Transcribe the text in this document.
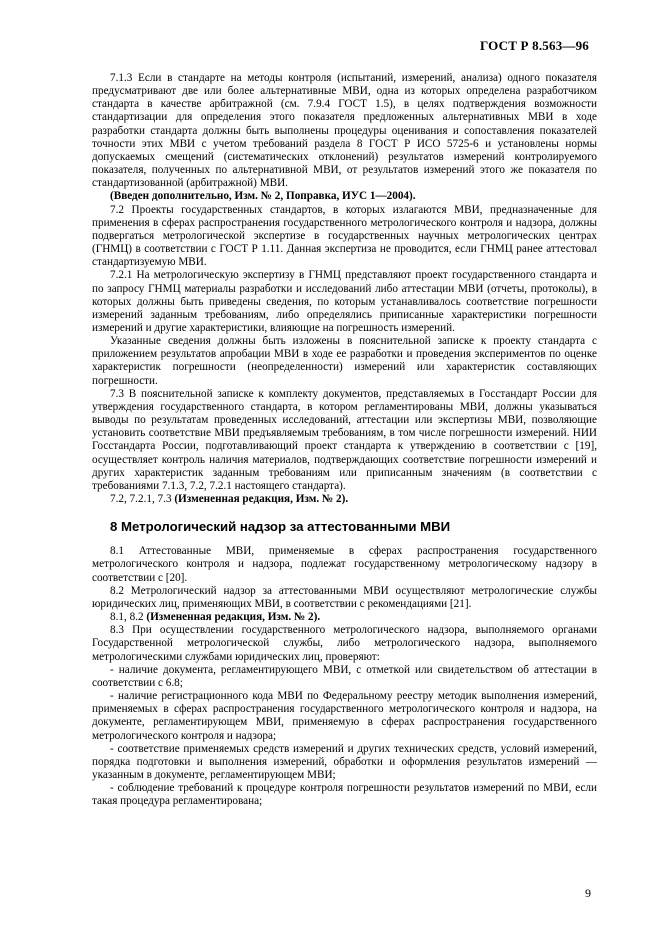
ГОСТ Р 8.563—96

7.1.3 Если в стандарте на методы контроля (испытаний, измерений, анализа) одного показателя предусматривают две или более альтернативные МВИ, одна из которых определена разработчиком стандарта в качестве арбитражной (см. 7.9.4 ГОСТ 1.5), в целях подтверждения возможности стандартизации для определения этого показателя предложенных альтернативных МВИ в ходе разработки стандарта должны быть выполнены процедуры оценивания и сопоставления показателей точности этих МВИ с учетом требований раздела 8 ГОСТ Р ИСО 5725-6 и установлены нормы допускаемых смещений (систематических отклонений) результатов измерений контролируемого показателя, полученных по альтернативной МВИ, от результатов измерений этого же показателя по стандартизованной (арбитражной) МВИ.

(Введен дополнительно, Изм. № 2, Поправка, ИУС 1—2004).

7.2 Проекты государственных стандартов, в которых излагаются МВИ, предназначенные для применения в сферах распространения государственного метрологического контроля и надзора, должны подвергаться метрологической экспертизе в государственных научных метрологических центрах (ГНМЦ) в соответствии с ГОСТ Р 1.11. Данная экспертиза не проводится, если ГНМЦ ранее аттестовал стандартизуемую МВИ.

7.2.1 На метрологическую экспертизу в ГНМЦ представляют проект государственного стандарта и по запросу ГНМЦ материалы разработки и исследований либо аттестации МВИ (отчеты, протоколы), в которых должны быть приведены сведения, по которым устанавливалось соответствие погрешности измерений заданным требованиям, либо определялись приписанные характеристики погрешности измерений и другие характеристики, влияющие на погрешность измерений.

Указанные сведения должны быть изложены в пояснительной записке к проекту стандарта с приложением результатов апробации МВИ в ходе ее разработки и проведения экспериментов по оценке характеристик погрешности (неопределенности) измерений или характеристик составляющих погрешности.

7.3 В пояснительной записке к комплекту документов, представляемых в Госстандарт России для утверждения государственного стандарта, в котором регламентированы МВИ, должны указываться выводы по результатам проведенных исследований, аттестации или экспертизы МВИ, позволяющие установить соответствие МВИ предъявляемым требованиям, в том числе погрешности измерений. НИИ Госстандарта России, подготавливающий проект стандарта к утверждению в соответствии с [19], осуществляет контроль наличия материалов, подтверждающих соответствие погрешности измерений и других характеристик заданным требованиям или приписанным значениям (в соответствии с требованиями 7.1.3, 7.2, 7.2.1 настоящего стандарта).

7.2, 7.2.1, 7.3 (Измененная редакция, Изм. № 2).

8 Метрологический надзор за аттестованными МВИ

8.1 Аттестованные МВИ, применяемые в сферах распространения государственного метрологического контроля и надзора, подлежат государственному метрологическому надзору в соответствии с [20].

8.2 Метрологический надзор за аттестованными МВИ осуществляют метрологические службы юридических лиц, применяющих МВИ, в соответствии с рекомендациями [21].

8.1, 8.2 (Измененная редакция, Изм. № 2).

8.3 При осуществлении государственного метрологического надзора, выполняемого органами Государственной метрологической службы, либо метрологического надзора, выполняемого метрологическими службами юридических лиц, проверяют:

- наличие документа, регламентирующего МВИ, с отметкой или свидетельством об аттестации в соответствии с 6.8;

- наличие регистрационного кода МВИ по Федеральному реестру методик выполнения измерений, применяемых в сферах распространения государственного метрологического контроля и надзора, на документе, регламентирующем МВИ, применяемую в сферах распространения государственного метрологического контроля и надзора;

- соответствие применяемых средств измерений и других технических средств, условий измерений, порядка подготовки и выполнения измерений, обработки и оформления результатов измерений — указанным в документе, регламентирующем МВИ;

- соблюдение требований к процедуре контроля погрешности результатов измерений по МВИ, если такая процедура регламентирована;

9
